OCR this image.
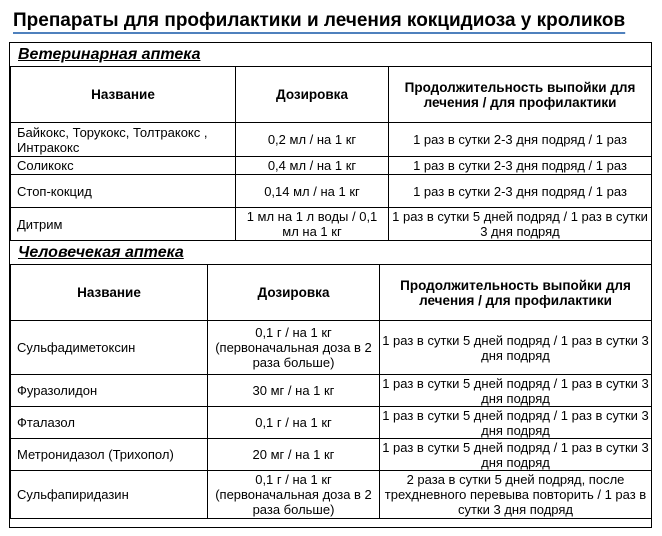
Препараты для профилактики и лечения кокцидиоза у кроликов
Ветеринарная аптека
Название	Дозировка	Продолжительность выпойки для лечения / для профилактики
Байкокс, Торукокс, Толтракокс , Интракокс	0,2 мл / на 1 кг	1 раз в сутки 2-3 дня подряд / 1 раз
Соликокс	0,4 мл / на 1 кг	1 раз в сутки 2-3 дня подряд / 1 раз
Стоп-кокцид	0,14 мл / на 1 кг	1 раз в сутки 2-3 дня подряд / 1 раз
Дитрим	1 мл на 1 л воды / 0,1 мл на 1 кг	1 раз в сутки 5 дней подряд / 1 раз в сутки 3 дня подряд
Человечекая аптека
Название	Дозировка	Продолжительность выпойки для лечения / для профилактики
Сульфадиметоксин	0,1 г / на 1 кг (первоначальная доза в 2 раза больше)	1 раз в сутки 5 дней подряд / 1 раз в сутки 3 дня подряд
Фуразолидон	30 мг / на 1 кг	1 раз в сутки 5 дней подряд / 1 раз в сутки 3 дня подряд
Фталазол	0,1 г / на 1 кг	1 раз в сутки 5 дней подряд / 1 раз в сутки 3 дня подряд
Метронидазол (Трихопол)	20 мг / на 1 кг	1 раз в сутки 5 дней подряд / 1 раз в сутки 3 дня подряд
Сульфапиридазин	0,1 г / на 1 кг (первоначальная доза в 2 раза больше)	2 раза в сутки 5 дней подряд, после трехдневного перевыва повторить / 1 раз в сутки 3 дня подряд
